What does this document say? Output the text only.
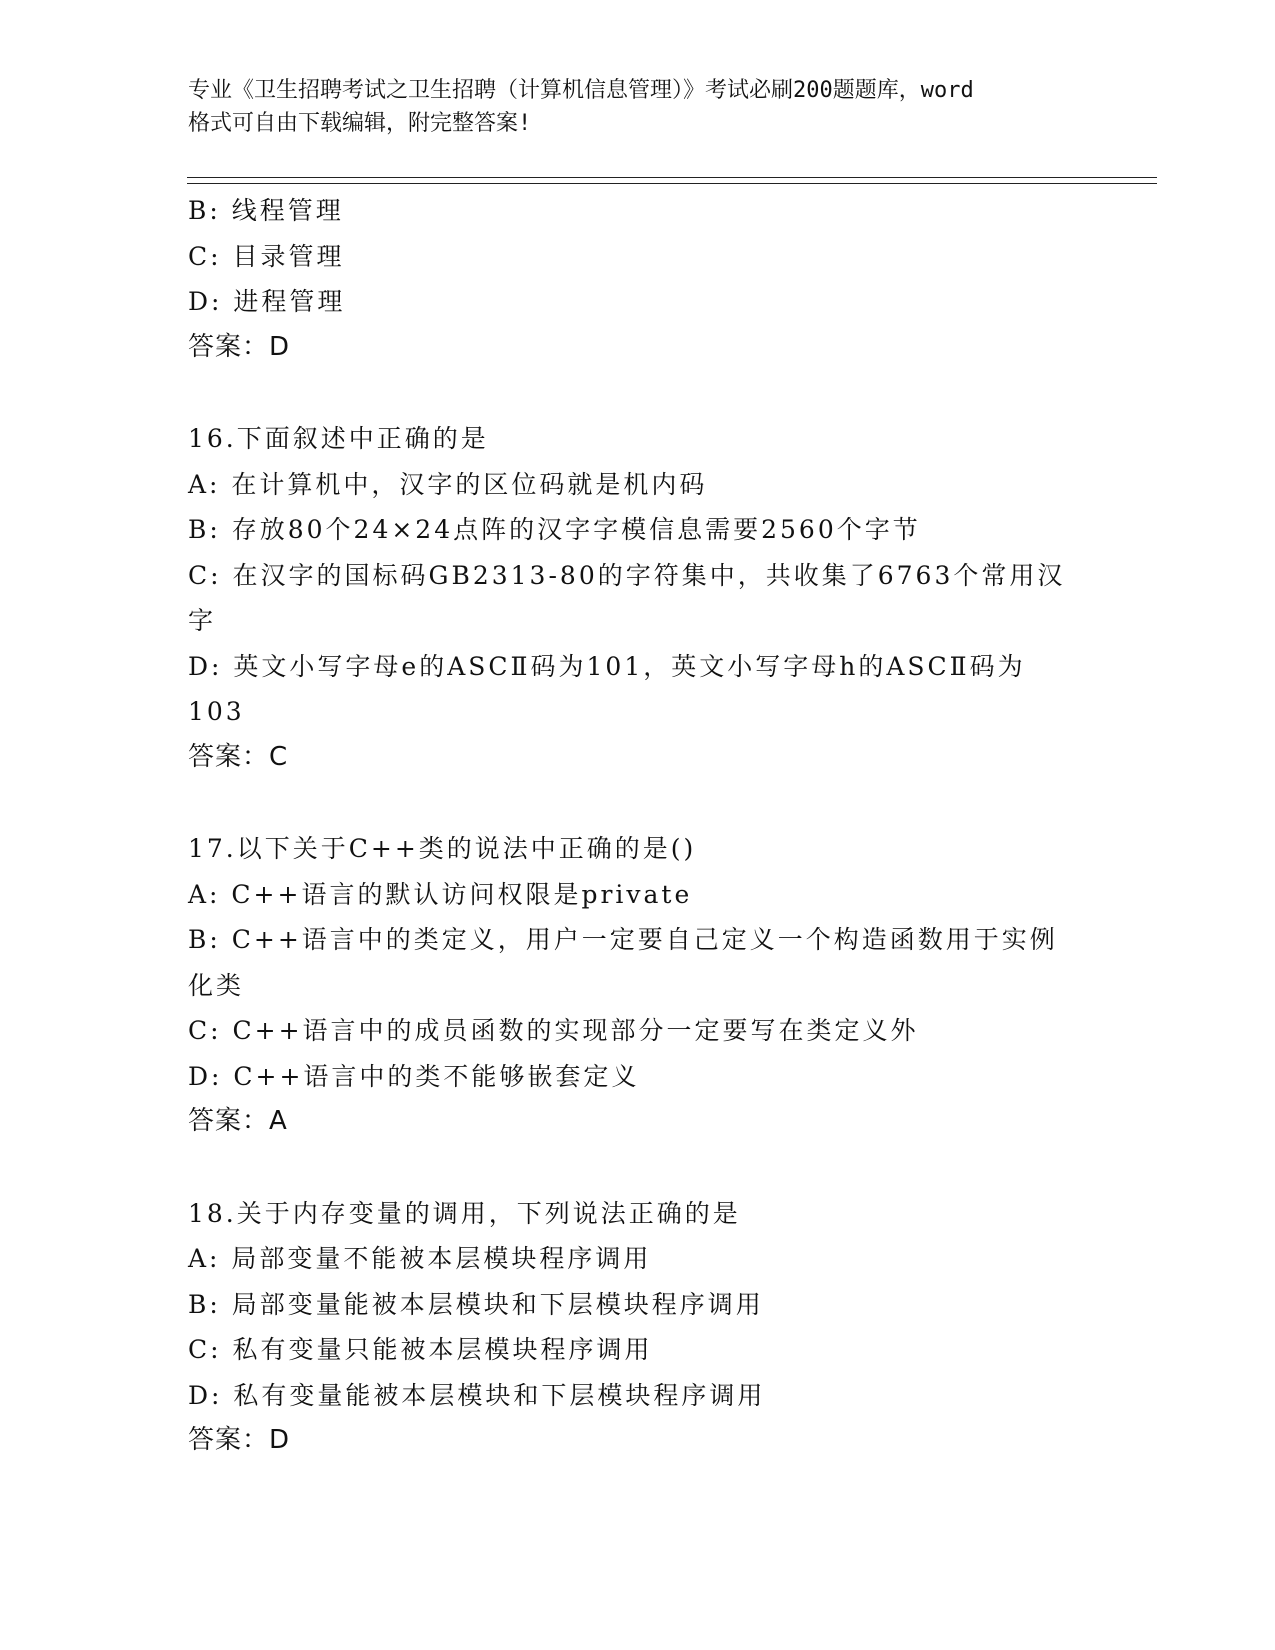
专业《卫生招聘考试之卫生招聘（计算机信息管理）》考试必刷200题题库，word
格式可自由下载编辑，附完整答案!
B: 线程管理
C: 目录管理
D: 进程管理
答案：D
16.下面叙述中正确的是
A: 在计算机中，汉字的区位码就是机内码
B: 存放80个24×24点阵的汉字字模信息需要2560个字节
C: 在汉字的国标码GB2313-80的字符集中，共收集了6763个常用汉
字
D: 英文小写字母e的ASCⅡ码为101，英文小写字母h的ASCⅡ码为
103
答案：C
17.以下关于C++类的说法中正确的是()
A: C++语言的默认访问权限是private
B: C++语言中的类定义，用户一定要自己定义一个构造函数用于实例
化类
C: C++语言中的成员函数的实现部分一定要写在类定义外
D: C++语言中的类不能够嵌套定义
答案：A
18.关于内存变量的调用，下列说法正确的是
A: 局部变量不能被本层模块程序调用
B: 局部变量能被本层模块和下层模块程序调用
C: 私有变量只能被本层模块程序调用
D: 私有变量能被本层模块和下层模块程序调用
答案：D
